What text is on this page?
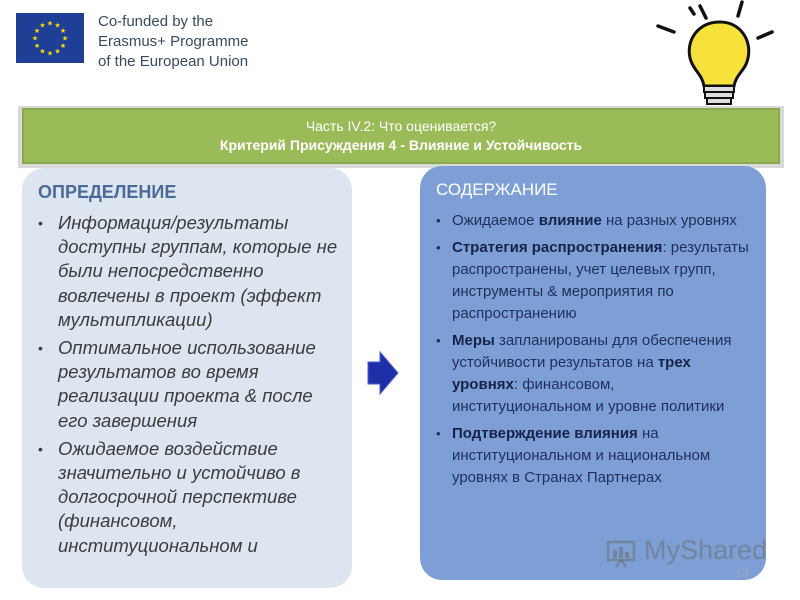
★ ★
★
★
★
★
★
★
★
★
★
★	Co-funded by the
Erasmus+ Programme
of the European Union
Часть IV.2: Что оценивается?
Критерий Присуждения 4 - Влияние и Устойчивость
ОПРЕДЕЛЕНИЕ
• Информация/результаты доступны группам, которые не были непосредственно вовлечены в проект (эффект мультипликации)
• Оптимальное использование результатов во время реализации проекта & после его завершения
• Ожидаемое воздействие значительно и устойчиво в долгосрочной перспективе (финансовом, институциональном и
СОДЕРЖАНИЕ
• Ожидаемое влияние на разных уровнях
• Стратегия распространения: результаты распространены, учет целевых групп, инструменты & мероприятия по распространению
• Меры запланированы для обеспечения устойчивости результатов на трех уровнях: финансовом, институциональном и уровне политики
• Подтверждение влияния на институциональном и национальном уровнях в Странах Партнерах
MyShared
13
